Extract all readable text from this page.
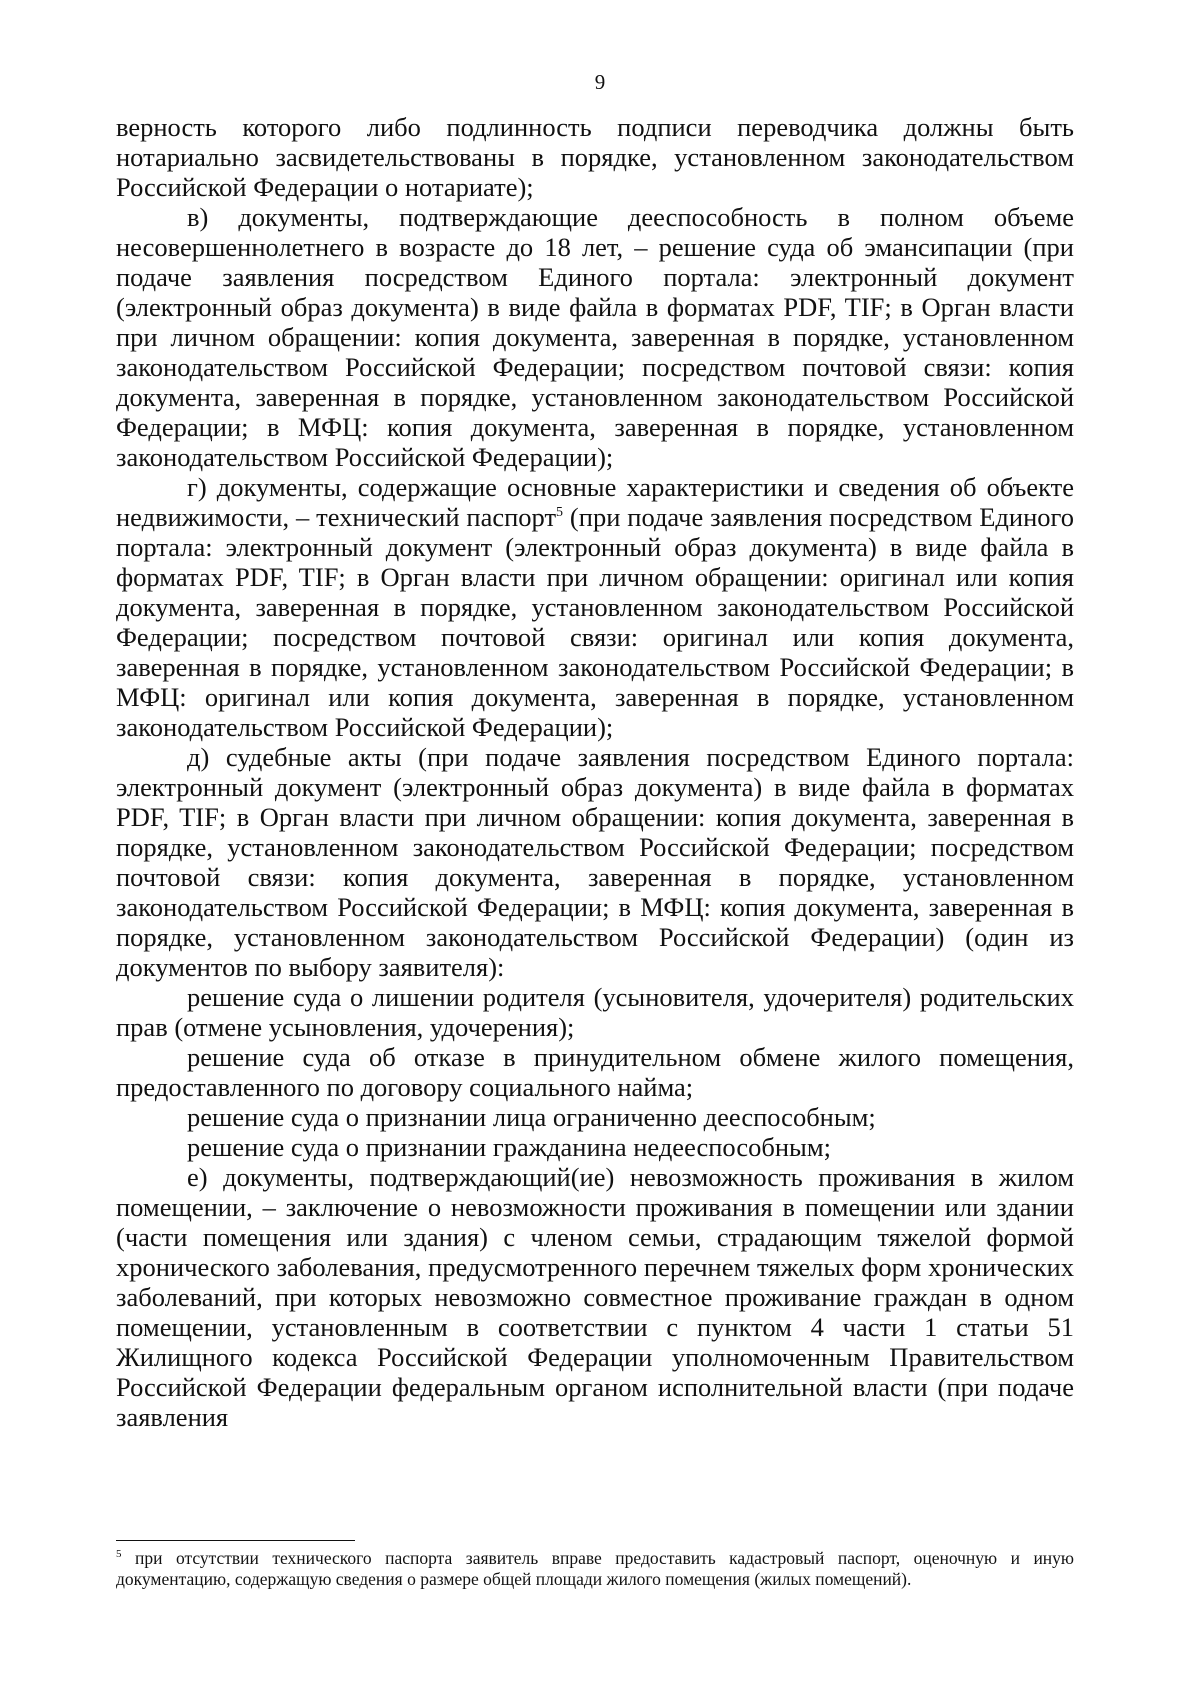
9

верность которого либо подлинность подписи переводчика должны быть нотариально засвидетельствованы в порядке, установленном законодательством Российской Федерации о нотариате);

в) документы, подтверждающие дееспособность в полном объеме несовершеннолетнего в возрасте до 18 лет, – решение суда об эмансипации (при подаче заявления посредством Единого портала: электронный документ (электронный образ документа) в виде файла в форматах PDF, TIF; в Орган власти при личном обращении: копия документа, заверенная в порядке, установленном законодательством Российской Федерации; посредством почтовой связи: копия документа, заверенная в порядке, установленном законодательством Российской Федерации; в МФЦ: копия документа, заверенная в порядке, установленном законодательством Российской Федерации);

г) документы, содержащие основные характеристики и сведения об объекте недвижимости, – технический паспорт$^5$ (при подаче заявления посредством Единого портала: электронный документ (электронный образ документа) в виде файла в форматах PDF, TIF; в Орган власти при личном обращении: оригинал или копия документа, заверенная в порядке, установленном законодательством Российской Федерации; посредством почтовой связи: оригинал или копия документа, заверенная в порядке, установленном законодательством Российской Федерации; в МФЦ: оригинал или копия документа, заверенная в порядке, установленном законодательством Российской Федерации);

д) судебные акты (при подаче заявления посредством Единого портала: электронный документ (электронный образ документа) в виде файла в форматах PDF, TIF; в Орган власти при личном обращении: копия документа, заверенная в порядке, установленном законодательством Российской Федерации; посредством почтовой связи: копия документа, заверенная в порядке, установленном законодательством Российской Федерации; в МФЦ: копия документа, заверенная в порядке, установленном законодательством Российской Федерации) (один из документов по выбору заявителя):

решение суда о лишении родителя (усыновителя, удочерителя) родительских прав (отмене усыновления, удочерения);

решение суда об отказе в принудительном обмене жилого помещения, предоставленного по договору социального найма;

решение суда о признании лица ограниченно дееспособным;

решение суда о признании гражданина недееспособным;

е) документы, подтверждающий(ие) невозможность проживания в жилом помещении, – заключение о невозможности проживания в помещении или здании (части помещения или здания) с членом семьи, страдающим тяжелой формой хронического заболевания, предусмотренного перечнем тяжелых форм хронических заболеваний, при которых невозможно совместное проживание граждан в одном помещении, установленным в соответствии с пунктом 4 части 1 статьи 51 Жилищного кодекса Российской Федерации уполномоченным Правительством Российской Федерации федеральным органом исполнительной власти (при подаче заявления

$^5$ при отсутствии технического паспорта заявитель вправе предоставить кадастровый паспорт, оценочную и иную документацию, содержащую сведения о размере общей площади жилого помещения (жилых помещений).
